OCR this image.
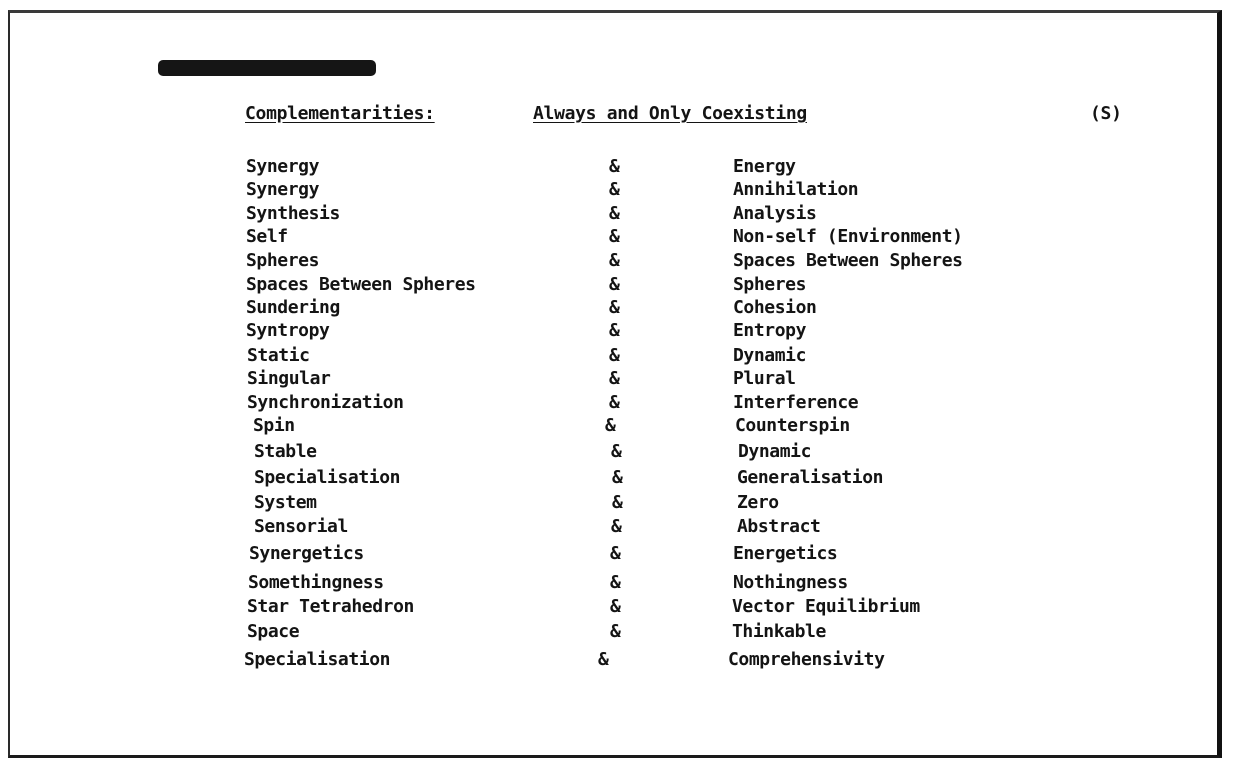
Complementarities:	Always and Only Coexisting	(S)
Synergy	&	Energy
Synergy	&	Annihilation
Synthesis	&	Analysis
Self	&	Non-self (Environment)
Spheres	&	Spaces Between Spheres
Spaces Between Spheres	&	Spheres
Sundering	&	Cohesion
Syntropy	&	Entropy
Static	&	Dynamic
Singular	&	Plural
Synchronization	&	Interference
Spin	&	Counterspin
Stable	&	Dynamic
Specialisation	&	Generalisation
System	&	Zero
Sensorial	&	Abstract
Synergetics	&	Energetics
Somethingness	&	Nothingness
Star Tetrahedron	&	Vector Equilibrium
Space	&	Thinkable
Specialisation	&	Comprehensivity
